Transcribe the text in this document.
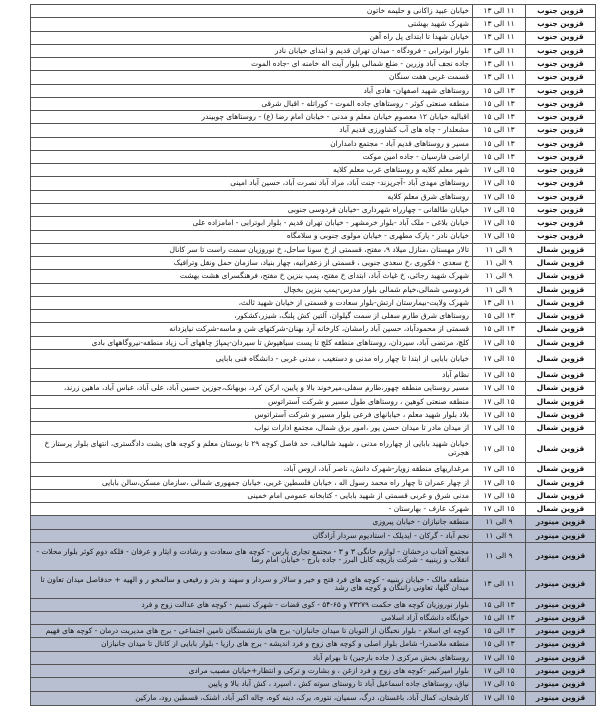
قزوین جنوب
۱۱ الی ۱۳
خیابان عبید زاکانی و حلیمه خاتون
قزوین جنوب
۱۱ الی ۱۳
شهرک شهید بهشتی
قزوین جنوب
۱۱ الی ۱۳
خیابان شهدا تا ابتدای پل راه آهن
قزوین جنوب
۱۱ الی ۱۳
بلوار ابوترابی - فرودگاه - میدان تهران قدیم و ابتدای خیابان نادر
قزوین جنوب
۱۱ الی ۱۳
جاده نجف آباد وزرین - ضلع شمالی بلوار آیت اله خامنه ای -جاده الموت
قزوین جنوب
۱۱ الی ۱۳
قسمت غربی هفت سنگان
قزوین جنوب
۱۳ الی ۱۵
روستاهای شهید اصفهان- هادی آباد
قزوین جنوب
۱۳ الی ۱۵
منطقه صنعتی کوثر - روستاهای جاده الموت - کوراتله - اقبال شرقی
قزوین جنوب
۱۳ الی ۱۵
اقبالیه خیابان ۱۲ معصوم خیابان معلم و مدنی - خیابان امام رضا (ع) - روستاهای چوبیندر
قزوین جنوب
۱۳ الی ۱۵
مشعلدار - چاه های آب کشاورزی قدیم آباد
قزوین جنوب
۱۳ الی ۱۵
مسیر و روستاهای قدیم آباد - مجتمع دامداران
قزوین جنوب
۱۳ الی ۱۵
اراضی فارسیان - جاده امین موکت
قزوین جنوب
۱۵ الی ۱۷
شهر معلم کلایه و روستاهای غرب معلم کلایه
قزوین جنوب
۱۵ الی ۱۷
روستاهای مهدی آباد -آجرپزند- جنت آباد، مراد آباد نصرت آباد، حسین آباد امینی
قزوین جنوب
۱۵ الی ۱۷
روستاهای شرق معلم کلایه
قزوین جنوب
۱۵ الی ۱۷
خیابان طالقانی - چهارراه شهرداری -خیابان فردوسی جنوبی
قزوین جنوب
۱۵ الی ۱۷
خیابان بلاغی - ملک آباد -بلوار خرمشهر - خیابان تهران قدیم - بلوار ابوترابی - امامزاده علی
قزوین جنوب
۱۵ الی ۱۷
خیابان نادر - پارک مطهری - خیابان مولوی جنوبی و سلامگاه
قزوین شمال
۹ الی ۱۱
تالار مهستان ،منازل میلاد ۹، مفتح، قسمتی از خ سونا ساحل، خ نوروزیان سمت راست تا سر کانال
قزوین شمال
۹ الی ۱۱
خ سعدی - فکوری ،خ سعدی جنوبی ، قسمتی از زعفرانیه، چهار بنیاد، سازمان حمل ونقل وترافیک
قزوین شمال
۹ الی ۱۱
شهرک شهید رجائی، خ غیاث آباد، ابتدای خ مفتح، پمپ بنزین خ مفتح، فرهنگسرای هشت بهشت
قزوین شمال
۹ الی ۱۱
فردوسی شمالی،خیام شمالی بلوار مدرس-پمپ بنزین بخچال
قزوین شمال
۱۱ الی ۱۳
شهرک ولایت-بیمارستان ارتش-بلوار سعادت و قسمتی از خیابان شهید ثالث،
قزوین شمال
۱۳ الی ۱۵
روستاهای شرق طارم سفلی از سمت گیلوان، آلتین کش پلنگ، شیزر،کشکور،
قزوین شمال
۱۳ الی ۱۵
قسمتی از محمودآباد، حسین آباد رامشان، کارخانه آرد بهنان-شرکتهای شن و ماسه-شرکت نیایزدانه
قزوین شمال
۱۵ الی ۱۷
کلچ، مرتضی آباد، سیردان، روستاهای منطقه کلچ تا پست سیاهپوش تا سیردان-پمپاژ چاههای آب زیاد منطقه-نیروگاههای بادی
قزوین شمال
۱۵ الی ۱۷
خیابان بابایی از ابتدا تا چهار راه مدنی و دستغیب ، مدنی غربی - دانشگاه فنی بابایی
قزوین شمال
۱۵ الی ۱۷
نظام آباد
قزوین شمال
۱۵ الی ۱۷
مسیر روستایی منطقه چهور،طارم سفلی،میرخوند بالا و پایین، ارکن کرد، بوبهانک،جوزین حسین آباد، علی آباد، عباس آباد، ماهین زرند،
قزوین شمال
۱۵ الی ۱۷
منطقه صنعتی کوهین ، روستاهای طول مسیر و شرکت آستراتوس
قزوین شمال
۱۵ الی ۱۷
بلاد بلوار شهید معلم ، خیابانهای فرعی بلوار مسیر و شرکت آستراتوس
قزوین شمال
۱۵ الی ۱۷
از میدان مادر تا میدان حسن پور ،امور برق شمال، مجتمع ادارات نواب
قزوین شمال
۱۵ الی ۱۷
خیابان شهید بابایی از چهارراه مدنی ، شهید شالباف، حد فاصل کوچه ۲۹ تا بوستان معلم و کوچه های پشت دادگستری، انتهای بلوار پرستار خ هجرتی
قزوین شمال
۱۵ الی ۱۷
مرغداریهای منطقه زویار-شهرک دانش، ناصر آباد، اروس آباد،
قزوین شمال
۱۵ الی ۱۷
از چهار عمران تا چهار راه محمد رسول اله ، خیابان فلسطین غربی، خیابان جمهوری شمالی ،سازمان مسکن،سالن بابایی
قزوین شمال
۱۵ الی ۱۷
مدنی شرق و غربی قسمتی از شهید بابایی - کتابخانه عمومی امام خمینی
قزوین شمال
۱۵ الی ۱۷
شهرک عارف - بهارستان -
قزوین مینودر
۹ الی ۱۱
منطقه جانبازان - خیابان پیروزی
قزوین مینودر
۹ الی ۱۱
نجم آباد - گرکان - ایدیلک - استادیوم سردار آزادگان
قزوین مینودر
۹ الی ۱۱
مجتمع آفتاب درخشان - لوازم خانگی ۳ و ۳ - مجتمع تجاری پارس - کوچه های سعادت و رشادت و ایثار و عرفان - فلکه دوم کوثر بلوار محلات - انقلاب و زینبیه - شرکت بازیچه کابل البرز - جاده بارج - خیابان امام رضا
قزوین مینودر
۱۱ الی ۱۳
منطقه مالک - خیابان زینبیه - کوچه های فرد فتح و خیر و سالار و سردار و سهند و بدر و رفیعی و سالمخو ر و الهیه + حدفاصل میدان تعاون تا میدان گلها، تعاونی راننگان و کوچه های رشد
قزوین مینودر
۱۳ الی ۱۵
بلوار نوروزیان کوچه های حکمت ۷۳۲۷۹ و ۶۵-۵۴ - کوی قضات - شهرک نسیم - کوچه های عدالت زوج و فرد
قزوین مینودر
۱۳ الی ۱۵
خوابگاه دانشگاه آزاد اسلامی
قزوین مینودر
۱۳ الی ۱۵
کوچه ای اسلام - بلوار نخبگان از التوبان تا میدان جانبازان- برج های بازنشستگان تامین اجتماعی - برج های مدیریت درمان - کوچه های فهیم
قزوین مینودر
۱۳ الی ۱۵
منطقه ملاصدرا- شامل بلوار اصلی و کوچه های زوج و فرد اندیشه - برج های رازیا - بلوار بابایی از کانال تا میدان جانبازان
قزوین مینودر
۱۵ الی ۱۷
روستاهای بخش مرکزی ( جاده بارجین) تا بهرام آباد
قزوین مینودر
۱۵ الی ۱۷
بلوار امیرکبیر -کوچه های زوج و فرد ازغن ، و بشارت و ترکی و انتظار+خیابان مصیب مرادی
قزوین مینودر
۱۵ الی ۱۷
نیاق، روستاهای جاده اسماعیل آباد تا روستای سوته کش ، اسپرد ، کش آباد بالا و پایین
قزوین مینودر
۱۵ الی ۱۷
کارشجان، کمال آباد، باغستان، درگ، سمیان، نتوره، یرک، دینه کوه، چاله اکبر آباد، اشنک، قسطین رود، مارکین
